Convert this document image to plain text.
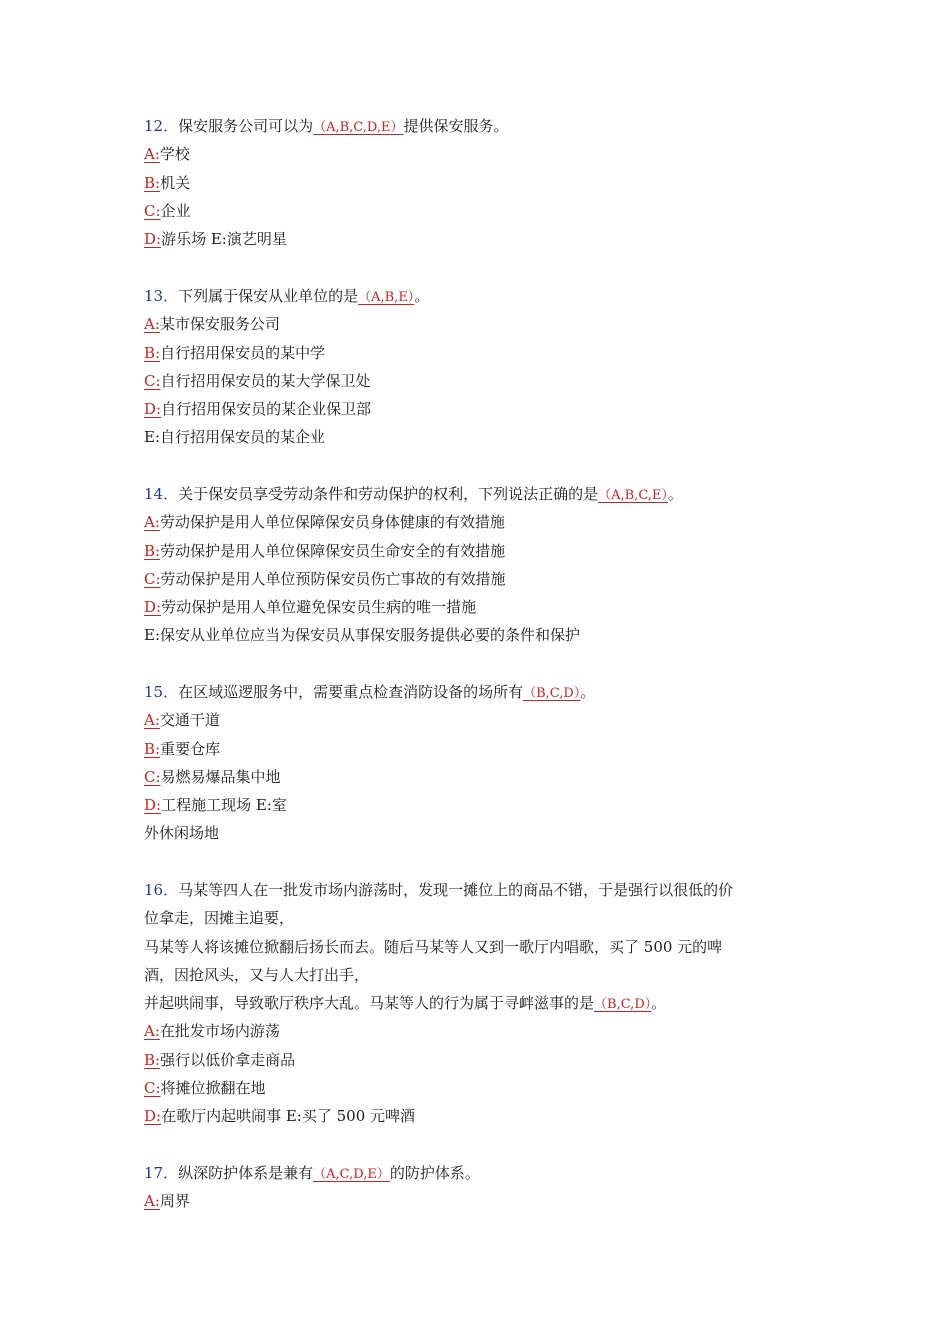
12．保安服务公司可以为（A,B,C,D,E）提供保安服务。
A:学校
B:机关
C:企业
D:游乐场 E:演艺明星
13．下列属于保安从业单位的是（A,B,E）。
A:某市保安服务公司
B:自行招用保安员的某中学
C:自行招用保安员的某大学保卫处
D:自行招用保安员的某企业保卫部
E:自行招用保安员的某企业
14．关于保安员享受劳动条件和劳动保护的权利，下列说法正确的是（A,B,C,E）。
A:劳动保护是用人单位保障保安员身体健康的有效措施
B:劳动保护是用人单位保障保安员生命安全的有效措施
C:劳动保护是用人单位预防保安员伤亡事故的有效措施
D:劳动保护是用人单位避免保安员生病的唯一措施
E:保安从业单位应当为保安员从事保安服务提供必要的条件和保护
15．在区域巡逻服务中，需要重点检查消防设备的场所有（B,C,D）。
A:交通干道
B:重要仓库
C:易燃易爆品集中地
D:工程施工现场 E:室
外休闲场地
16．马某等四人在一批发市场内游荡时，发现一摊位上的商品不错，于是强行以很低的价
位拿走，因摊主追要，
马某等人将该摊位掀翻后扬长而去。随后马某等人又到一歌厅内唱歌，买了 500 元的啤
酒，因抢风头，又与人大打出手，
并起哄闹事，导致歌厅秩序大乱。马某等人的行为属于寻衅滋事的是（B,C,D）。
A:在批发市场内游荡
B:强行以低价拿走商品
C:将摊位掀翻在地
D:在歌厅内起哄闹事 E:买了 500 元啤酒
17．纵深防护体系是兼有（A,C,D,E）的防护体系。
A:周界
